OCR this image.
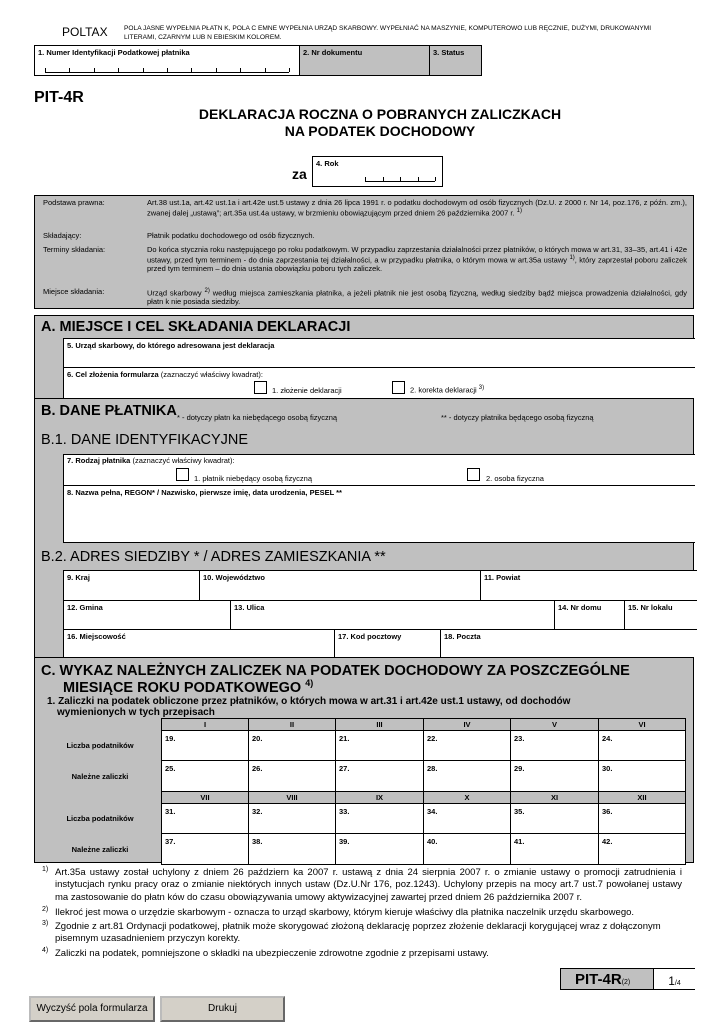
POLTAX POLA JASNE WYPEŁNIA PŁATN K, POLA C EMNE WYPEŁNIA URZĄD SKARBOWY. WYPEŁNIAĆ NA MASZYNIE, KOMPUTEROWO LUB RĘCZNIE, DUŻYMI, DRUKOWANYMI LITERAMI, CZARNYM LUB N EBIESKIM KOLOREM.
1. Numer Identyfikacji Podatkowej płatnika	2. Nr dokumentu	3. Status
PIT-4R
DEKLARACJA ROCZNA O POBRANYCH ZALICZKACH
NA PODATEK DOCHODOWY
za
4. Rok
Podstawa prawna:	Art.38 ust.1a, art.42 ust.1a i art.42e ust.5 ustawy z dnia 26 lipca 1991 r. o podatku dochodowym od osób fizycznych (Dz.U. z 2000 r. Nr 14, poz.176, z późn. zm.), zwanej dalej „ustawą”; art.35a ust.4a ustawy, w brzmieniu obowiązującym przed dniem 26 października 2007 r. $^{1)}$
Składający:	Płatnik podatku dochodowego od osób fizycznych.
Terminy składania:	Do końca stycznia roku następującego po roku podatkowym. W przypadku zaprzestania działalności przez płatników, o których mowa w art.31, 33–35, art.41 i 42e ustawy, przed tym terminem - do dnia zaprzestania tej działalności, a w przypadku płatnika, o którym mowa w art.35a ustawy $^{1)}$, który zaprzestał poboru zaliczek przed tym terminem – do dnia ustania obowiązku poboru tych zaliczek.
Miejsce składania:	Urząd skarbowy $^{2)}$ według miejsca zamieszkania płatnika, a jeżeli płatnik nie jest osobą fizyczną, według siedziby bądź miejsca prowadzenia działalności, gdy płatn k nie posiada siedziby.
A. MIEJSCE I CEL SKŁADANIA DEKLARACJI
5. Urząd skarbowy, do którego adresowana jest deklaracja
6. Cel złożenia formularza (zaznaczyć właściwy kwadrat):
1. złożenie deklaracji	2. korekta deklaracji $^{3)}$
B. DANE PŁATNIKA * - dotyczy płatn ka niebędącego osobą fizyczną	** - dotyczy płatnika będącego osobą fizyczną
B.1. DANE IDENTYFIKACYJNE
7. Rodzaj płatnika (zaznaczyć właściwy kwadrat):
1. płatnik niebędący osobą fizyczną	2. osoba fizyczna
8. Nazwa pełna, REGON* / Nazwisko, pierwsze imię, data urodzenia, PESEL **
B.2. ADRES SIEDZIBY * / ADRES ZAMIESZKANIA **
9. Kraj	10. Województwo	11. Powiat
12. Gmina	13. Ulica	14. Nr domu	15. Nr lokalu
16. Miejscowość	17. Kod pocztowy	18. Poczta
C. WYKAZ NALEŻNYCH ZALICZEK NA PODATEK DOCHODOWY ZA POSZCZEGÓLNE
MIESIĄCE ROKU PODATKOWEGO $^{4)}$
1. Zaliczki na podatek obliczone przez płatników, o których mowa w art.31 i art.42e ust.1 ustawy, od dochodów
wymienionych w tych przepisach
I	II	III	IV	V	VI
Liczba podatników
19.	20.	21.	22.	23.	24.
Należne zaliczki
25.	26.	27.	28.	29.	30.
VII	VIII	IX	X	XI	XII
Liczba podatników
31.	32.	33.	34.	35.	36.
Należne zaliczki
37.	38.	39.	40.	41.	42.
1) Art.35a ustawy został uchylony z dniem 26 październ ka 2007 r. ustawą z dnia 24 sierpnia 2007 r. o zmianie ustawy o promocji zatrudnienia i instytucjach rynku pracy oraz o zmianie niektórych innych ustaw (Dz.U.Nr 176, poz.1243). Uchylony przepis na mocy art.7 ust.7 powołanej ustawy ma zastosowanie do płatn ków do czasu obowiązywania umowy aktywizacyjnej zawartej przed dniem 26 października 2007 r.
2) Ilekroć jest mowa o urzędzie skarbowym - oznacza to urząd skarbowy, którym kieruje właściwy dla płatnika naczelnik urzędu skarbowego.
3) Zgodnie z art.81 Ordynacji podatkowej, płatnik może skorygować złożoną deklarację poprzez złożenie deklaracji korygującej wraz z dołączonym pisemnym uzasadnieniem przyczyn korekty.
4) Zaliczki na podatek, pomniejszone o składki na ubezpieczenie zdrowotne zgodnie z przepisami ustawy.
PIT-4R(2)	1/4
Wyczyść pola formularza	Drukuj
